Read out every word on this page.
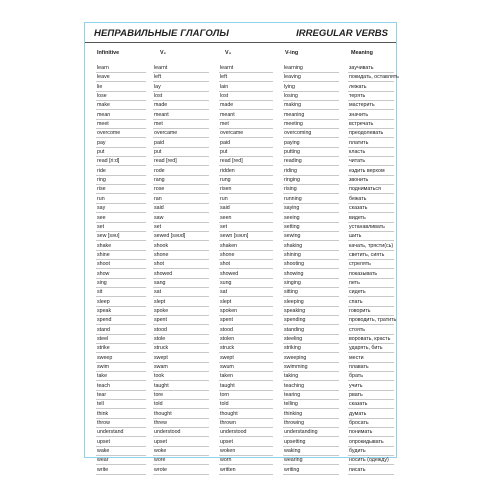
НЕПРАВИЛЬНЫЕ ГЛАГОЛЫ	IRREGULAR VERBS
Infinitive	V₂	V₃	V-ing	Meaning
learn	learnt	learnt	learning	заучивать
leave	left	left	leaving	покидать, оставлять
lie	lay	lain	lying	лежать
lose	lost	lost	losing	терять
make	made	made	making	мастерить
mean	meant	meant	meaning	значить
meet	met	met	meeting	встречать
overcome	overcame	overcame	overcoming	преодолевать
pay	paid	paid	paying	платить
put	put	put	putting	класть
read [ri:d]	read [red]	read [red]	reading	читать
ride	rode	ridden	riding	ездить верхом
ring	rang	rung	ringing	звонить
rise	rose	risen	rising	подниматься
run	ran	run	running	бежать
say	said	said	saying	сказать
see	saw	seen	seeing	видеть
set	set	set	setting	устанавливать
sew [səʊ]	sewed [səʊd]	sewn [səʊn]	sewing	шить
shake	shook	shaken	shaking	качать, трясти(сь)
shine	shone	shone	shining	светить, сиять
shoot	shot	shot	shooting	стрелять
show	showed	showed	showing	показывать
sing	sang	sung	singing	петь
sit	sat	sat	sitting	сидеть
sleep	slept	slept	sleeping	спать
speak	spoke	spoken	speaking	говорить
spend	spent	spent	spending	проводить, тратить
stand	stood	stood	standing	стоять
steel	stole	stolen	steeling	воровать, красть
strike	struck	struck	striking	ударять, бить
sweep	swept	swept	sweeping	мести
swim	swam	swum	swimming	плавать
take	took	taken	taking	брать
teach	taught	taught	teaching	учить
tear	tore	torn	tearing	рвать
tell	told	told	telling	сказать
think	thought	thought	thinking	думать
throw	threw	thrown	throwing	бросать
understand	understood	understood	understanding	понимать
upset	upset	upset	upsetting	опрокидывать
wake	woke	woken	waking	будить
wear	wore	worn	wearing	носить (одежду)
write	wrote	written	writing	писать
